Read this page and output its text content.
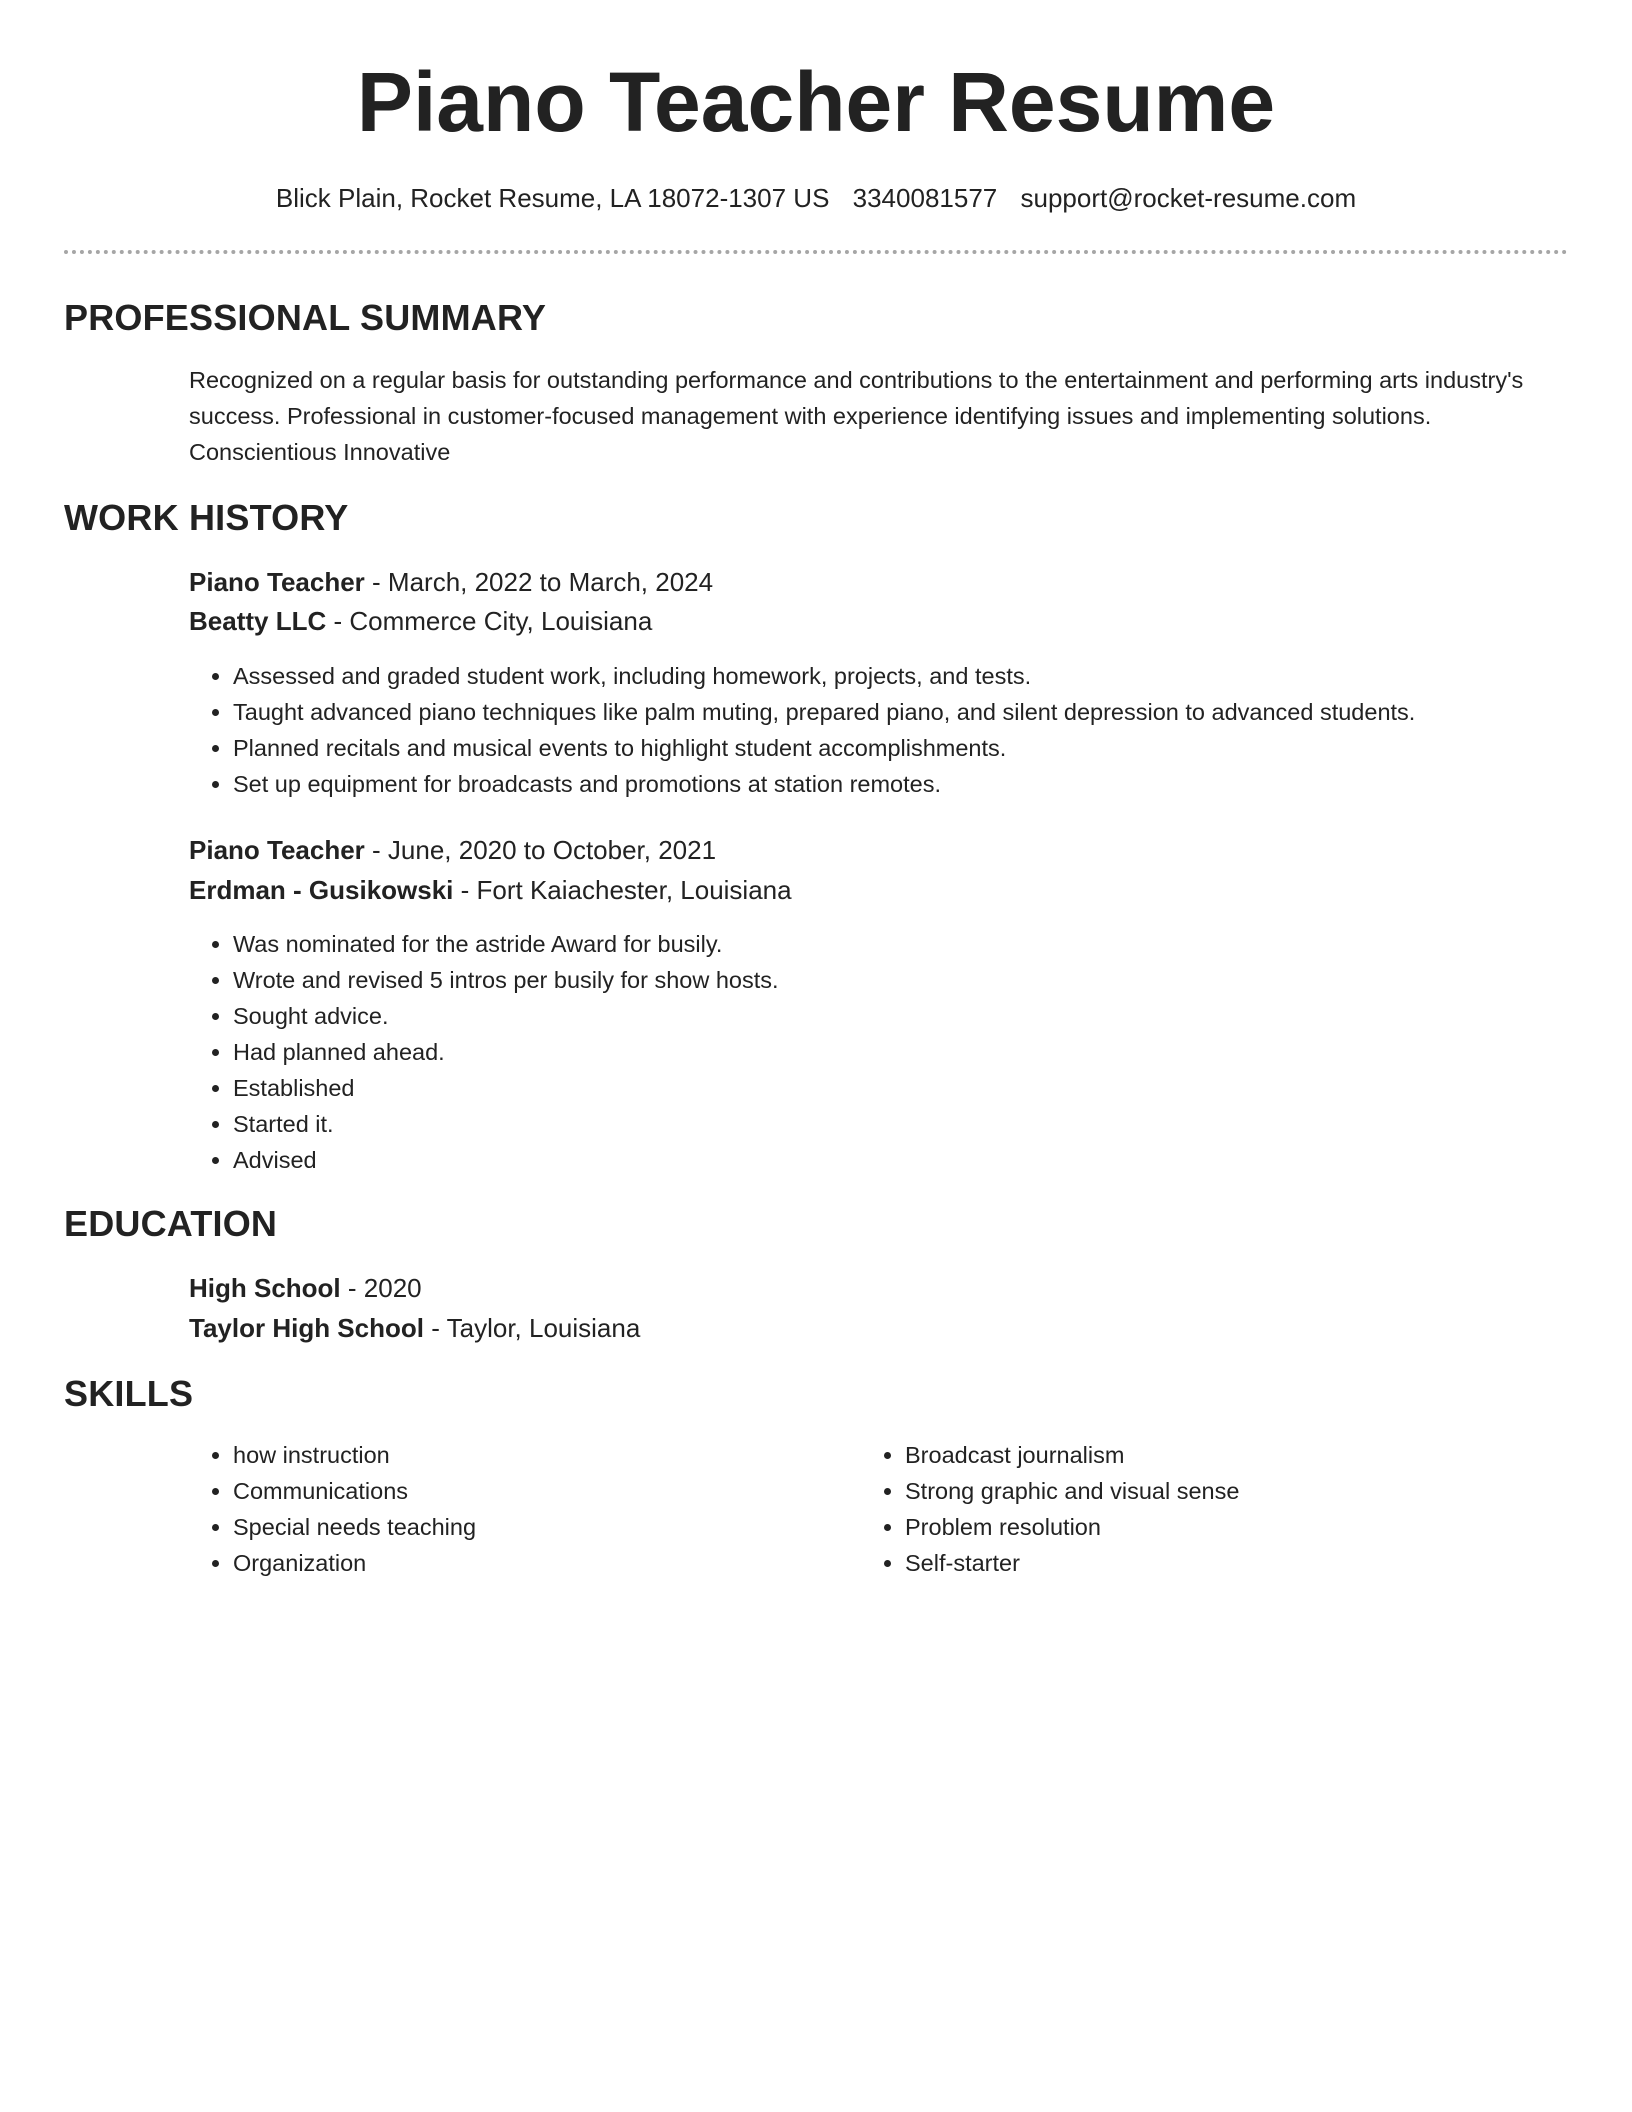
Piano Teacher Resume
Blick Plain, Rocket Resume, LA 18072-1307 US 3340081577 support@rocket-resume.com
PROFESSIONAL SUMMARY

Recognized on a regular basis for outstanding performance and contributions to the entertainment and performing arts industry's success. Professional in customer-focused management with experience identifying issues and implementing solutions. Conscientious Innovative

WORK HISTORY
Piano Teacher - March, 2022 to March, 2024
Beatty LLC - Commerce City, Louisiana
• Assessed and graded student work, including homework, projects, and tests.
• Taught advanced piano techniques like palm muting, prepared piano, and silent depression to advanced students.
• Planned recitals and musical events to highlight student accomplishments.
• Set up equipment for broadcasts and promotions at station remotes.
Piano Teacher - June, 2020 to October, 2021
Erdman - Gusikowski - Fort Kaiachester, Louisiana
• Was nominated for the astride Award for busily.
• Wrote and revised 5 intros per busily for show hosts.
• Sought advice.
• Had planned ahead.
• Established
• Started it.
• Advised
EDUCATION
High School - 2020
Taylor High School - Taylor, Louisiana
SKILLS
• how instruction
• Communications
• Special needs teaching
• Organization
• Broadcast journalism
• Strong graphic and visual sense
• Problem resolution
• Self-starter
